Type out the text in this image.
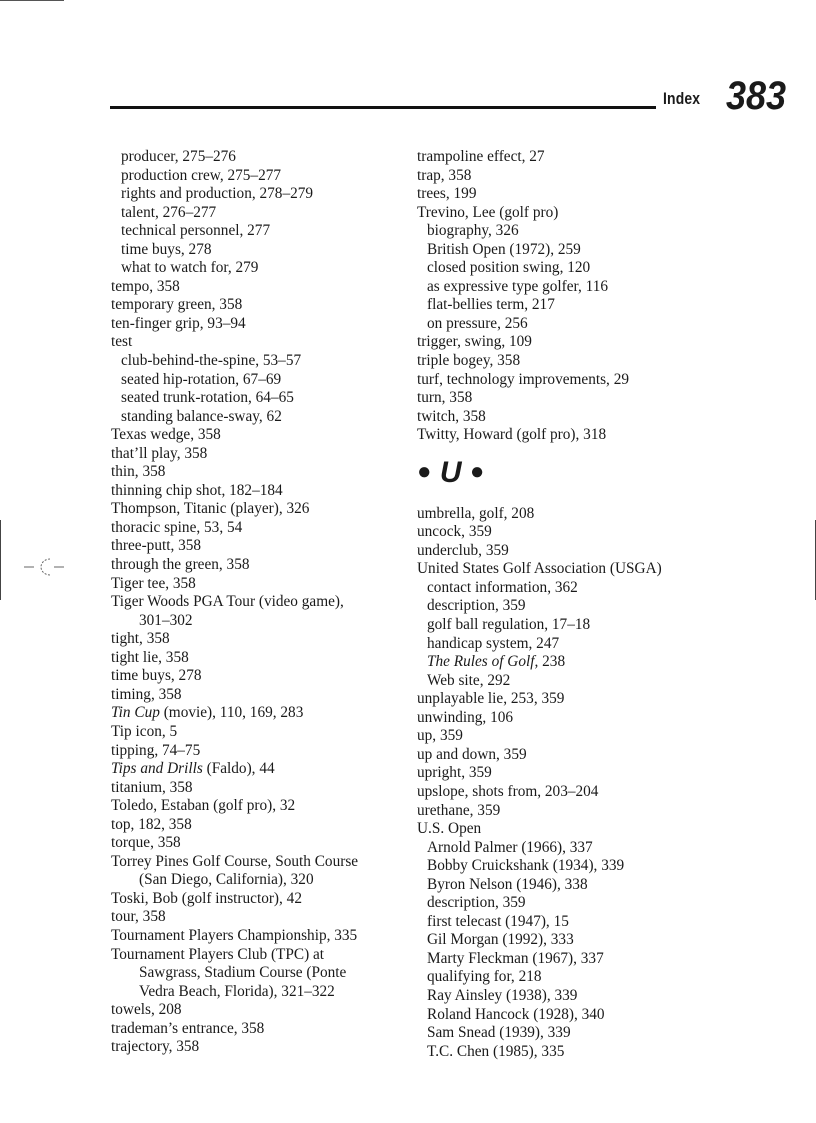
Index 383
producer, 275–276
production crew, 275–277
rights and production, 278–279
talent, 276–277
technical personnel, 277
time buys, 278
what to watch for, 279
tempo, 358
temporary green, 358
ten-finger grip, 93–94
test
club-behind-the-spine, 53–57
seated hip-rotation, 67–69
seated trunk-rotation, 64–65
standing balance-sway, 62
Texas wedge, 358
that’ll play, 358
thin, 358
thinning chip shot, 182–184
Thompson, Titanic (player), 326
thoracic spine, 53, 54
three-putt, 358
through the green, 358
Tiger tee, 358
Tiger Woods PGA Tour (video game),
301–302
tight, 358
tight lie, 358
time buys, 278
timing, 358
Tin Cup (movie), 110, 169, 283
Tip icon, 5
tipping, 74–75
Tips and Drills (Faldo), 44
titanium, 358
Toledo, Estaban (golf pro), 32
top, 182, 358
torque, 358
Torrey Pines Golf Course, South Course
(San Diego, California), 320
Toski, Bob (golf instructor), 42
tour, 358
Tournament Players Championship, 335
Tournament Players Club (TPC) at
Sawgrass, Stadium Course (Ponte
Vedra Beach, Florida), 321–322
towels, 208
trademan’s entrance, 358
trajectory, 358
trampoline effect, 27
trap, 358
trees, 199
Trevino, Lee (golf pro)
biography, 326
British Open (1972), 259
closed position swing, 120
as expressive type golfer, 116
flat-bellies term, 217
on pressure, 256
trigger, swing, 109
triple bogey, 358
turf, technology improvements, 29
turn, 358
twitch, 358
Twitty, Howard (golf pro), 318
● U ●
umbrella, golf, 208
uncock, 359
underclub, 359
United States Golf Association (USGA)
contact information, 362
description, 359
golf ball regulation, 17–18
handicap system, 247
The Rules of Golf, 238
Web site, 292
unplayable lie, 253, 359
unwinding, 106
up, 359
up and down, 359
upright, 359
upslope, shots from, 203–204
urethane, 359
U.S. Open
Arnold Palmer (1966), 337
Bobby Cruickshank (1934), 339
Byron Nelson (1946), 338
description, 359
first telecast (1947), 15
Gil Morgan (1992), 333
Marty Fleckman (1967), 337
qualifying for, 218
Ray Ainsley (1938), 339
Roland Hancock (1928), 340
Sam Snead (1939), 339
T.C. Chen (1985), 335
